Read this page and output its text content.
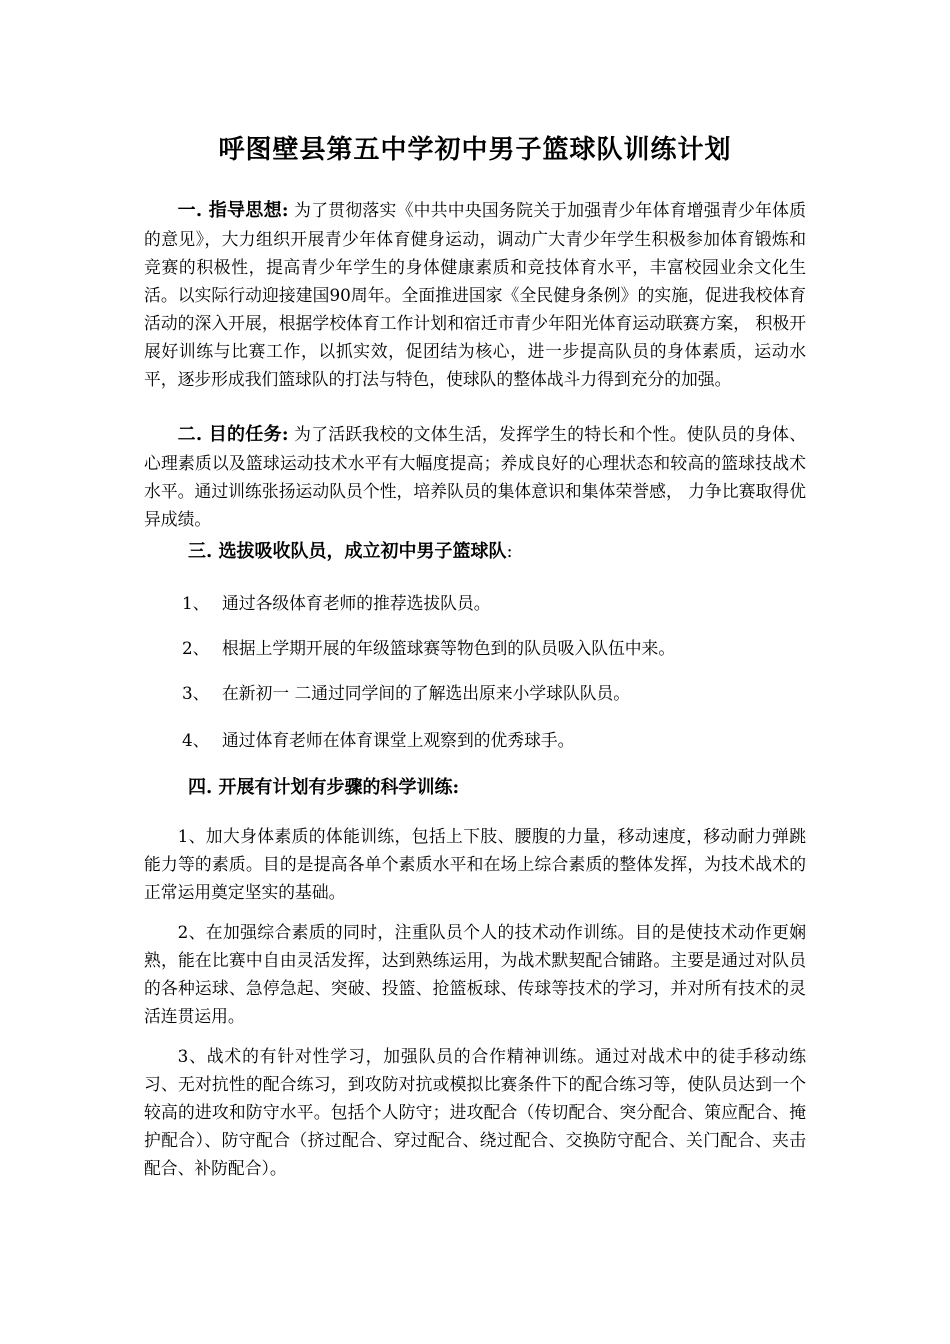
呼图壁县第五中学初中男子篮球队训练计划

一. 指导思想: 为了贯彻落实《中共中央国务院关于加强青少年体育增强青少年体质的意见》，大力组织开展青少年体育健身运动，调动广大青少年学生积极参加体育锻炼和竞赛的积极性，提高青少年学生的身体健康素质和竞技体育水平，丰富校园业余文化生活。以实际行动迎接建国90周年。全面推进国家《全民健身条例》的实施，促进我校体育活动的深入开展，根据学校体育工作计划和宿迁市青少年阳光体育运动联赛方案， 积极开展好训练与比赛工作，以抓实效，促团结为核心，进一步提高队员的身体素质，运动水平，逐步形成我们篮球队的打法与特色，使球队的整体战斗力得到充分的加强。

二. 目的任务: 为了活跃我校的文体生活，发挥学生的特长和个性。使队员的身体、心理素质以及篮球运动技术水平有大幅度提高；养成良好的心理状态和较高的篮球技战术水平。通过训练张扬运动队员个性，培养队员的集体意识和集体荣誉感， 力争比赛取得优异成绩。

三. 选拔吸收队员，成立初中男子篮球队:

1、 通过各级体育老师的推荐选拔队员。

2、 根据上学期开展的年级篮球赛等物色到的队员吸入队伍中来。

3、 在新初一 二通过同学间的了解选出原来小学球队队员。

4、 通过体育老师在体育课堂上观察到的优秀球手。

四. 开展有计划有步骤的科学训练:

1、加大身体素质的体能训练，包括上下肢、腰腹的力量，移动速度，移动耐力弹跳能力等的素质。目的是提高各单个素质水平和在场上综合素质的整体发挥，为技术战术的正常运用奠定坚实的基础。

2、在加强综合素质的同时，注重队员个人的技术动作训练。目的是使技术动作更娴熟，能在比赛中自由灵活发挥，达到熟练运用，为战术默契配合铺路。主要是通过对队员的各种运球、急停急起、突破、投篮、抢篮板球、传球等技术的学习，并对所有技术的灵活连贯运用。

3、战术的有针对性学习，加强队员的合作精神训练。通过对战术中的徒手移动练习、无对抗性的配合练习，到攻防对抗或模拟比赛条件下的配合练习等，使队员达到一个较高的进攻和防守水平。包括个人防守；进攻配合（传切配合、突分配合、策应配合、掩护配合）、防守配合（挤过配合、穿过配合、绕过配合、交换防守配合、关门配合、夹击配合、补防配合）。
